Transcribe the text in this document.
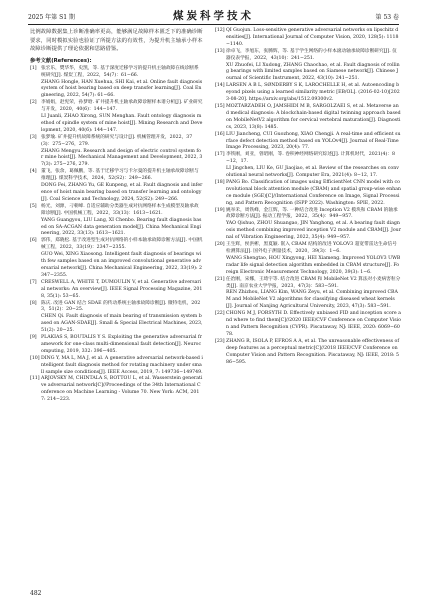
2025 年第 S1 期	煤炭科学技术	第 53 卷

比例故障数据集上诊断准确率更高，能够满足故障样本匮乏下的准确诊断要求，同时模拟实验也验证了所提方法的有效性，为提升机主轴承小样本故障诊断提供了理论依据和思路借鉴。

参考文献(References):
[1] 张宏乐，樊华华，史凯，等. 基于深度迁移学习的提升机主轴故障在线诊断系统研究[J]. 煤炭工程，2022，54(7)：61−66.
ZHANG Hongle, HAN Xuehua, SHI Kai, et al. Online fault diagnosis system of hoist bearing based on deep transfer learning[J]. Coal Engineering, 2022, 54(7): 61−66.
[2] 李娟娟，赵宪荣，孙梦晗. 矿井提升机主轴承故障诊断样本谱分析[J]. 矿业研究与开发，2020，40(6)：144−147.
LI Juanli, ZHAO Xirong, SUN Menghan. Fault ontology diagnosis method of spindle system of mine hoist[J]. Mining Research and Development, 2020, 40(6): 144−147.
[3] 张梦瑜. 矿井提升机故障系统的研究与设计[J]. 机械管理开发，2022，37(3)：275−276，279.
ZHANG Mengyu. Research and design of electric control system for mine hoist[J]. Mechanical Management and Development, 2022, 37(3): 275−276, 279.
[4] 董飞，张余，葛佩鹏，等. 基于迁移学习与卡尔曼的提升机主轴承故障诊断与推理[J]. 煤炭科学技术，2024，52(S2)：249−266.
DONG Fei, ZHANG Yu, GE Kunpeng, et al. Fault diagnosis and inference of hoist main bearing based on transfer learning and ontology[J]. Coal Science and Technology, 2024, 52(S2): 249−266.
[5] 杨光，刘源，刁朝峰. 自适应辅助分类器生成对抗网络样本生成模型及轴承故障诊断[J]. 中国机械工程，2022，33(13)：1613−1621.
YANG Guangyou, LIU Lang, XI Chenbo. Bearing fault diagnosis based on SA-ACGAN data generation model[J]. China Mechanical Engineering, 2022, 33(13): 1613−1621.
[6] 郭伟，郑晓松. 基于改进型生成对抗网络的小样本轴承故障诊断方法[J]. 中国机械工程，2022，33(19)：2347−2355.
GUO Wei, XING Xiaosong. Intelligent fault diagnosis of bearings with few samples based on an improved convolutional generative adversarial network[J]. China Mechanical Engineering, 2022, 33(19): 2347−2355.
[7] CRESWELL A, WHITE T, DUMOULIN V, et al. Generative adversarial networks: An overview[J]. IEEE Signal Processing Magazine, 2018, 35(1): 53−65.
[8] 陈庆. 改进 GAN 结合 SDAE 的传动系统主轴承故障诊断[J]. 微特电机，2023，51(2)：20−25.
CHEN Qi. Fault diagnosis of main bearing of transmission system based on AGAN-SDAE[J]. Small & Special Electrical Machines, 2023, 51(2): 20−25.
[9] PLAKIAS S, BOUTALIS Y S. Exploiting the generative adversarial framework for one-class multi-dimensional fault detection[J]. Neurocomputing, 2019, 332: 396−405.
[10] DING Y, MA L, MA J, et al. A generative adversarial network-based intelligent fault diagnosis method for rotating machinery under small sample size conditions[J]. IEEE Access, 2019, 7: 149736−149749.
[11] ARJOVSKY M, CHINTALA S, BOTTOU L, et al. Wasserstein generative adversarial network[C]//Proceedings of the 34th International Conference on Machine Learning - Volume 70. New York: ACM, 2017: 214−223.
[12] QI Guojun. Loss-sensitive generative adversarial networks on lipschitz densities[J]. International Journal of Computer Vision, 2020, 128(5): 1118−1140.
[13] 徐卓飞，李旭东，张腾辉，等. 基于学生网络的小样本滚动轴承故障诊断研究[J]. 仪器仪表学报，2022，43(10)：241−251.
XU Zhuofei, LI Xudong, ZHANG Chaochao, et al. Fault diagnosis of rolling bearings with limited samples based on Siamese network[J]. Chinese Journal of Scientific Instrument, 2022, 43(10): 241−251.
[14] LARSEN A B L, SØNDERBY S K, LAROCHELLE H, et al. Autoencoding beyond pixels using a learned similarity metric [EB/OL]. (2016-02-10)[2023-08-20]. https://arxiv.org/abs/1512.09300v2.
[15] MOZTARZADEH O, JAMSHIDI M B, SARGOLZAEI S, et al. Metaverse and medical diagnosis: A blockchain-based digital twinning approach based on MobileNetV2 algorithm for cervical vertebral maturation[J]. Diagnostics, 2023, 13(8): 1485.
[16] LIU Jiancheng, CUI Guozhong, XIAO Chengji. A real-time and efficient surface defect detection method based on YOLOv4[J]. Journal of Real-Time Image Processing, 2023, 20(4): 77.
[17] 李铁刚，刘亚，曾昭刚，等. 卷积神经网络研究综述[J]. 计算机时代，2021(4)：8−12，17.
LI Jingchen, LIU Ke, GU Jiaojiao, et al. Review of the researches on convolutional neural networks[J]. Computer Era, 2021(4): 8−12, 17.
[18] PANG Bo. Classification of images using EfficientNet CNN model with convolutional block attention module (CBAM) and spatial group-wise enhance module (SGE)[C]//International Conference on Image, Signal Processing, and Pattern Recognition (ISPP 2022). Washington: SPIE, 2022.
[19] 姚举禾，周铁峰，金江辉，等. 一种结合改进 Inception V2 模块和 CBAM 的轴承故障诊断方法[J]. 振动工程学报，2022，35(4)：949−957.
YAO Qishuo, ZHOU Shuangao, JIN Yanghong, et al. A bearing fault diagnosis method combining improved inception V2 module and CBAM[J]. Journal of Vibration Engineering, 2022, 35(4): 949−957.
[20] 王生辉，侯洪彬，黑夏颖. 嵌入 CBAM 结构的改进 YOLOV3 超宽带雷达生命信号检测算法[J]. 国外电子测量技术，2020，39(3)：1−6.
WANG Shengtao, HOU Xingyong, HEI Xiameng. Improved YOLOV3 UWB radar life signal detection algorithm embedded in CBAM structure[J]. Foreign Electronic Measurement Technology, 2020, 39(3): 1−6.
[21] 任治刚，宋娜，王琦宇等. 结合改进 CBAM 和 MobileNet V2 算法对小麦病害粒分类[J]. 南京农业大学学报，2023，47(3)：583−591.
REN Zhizhou, LIANG Kim, WANG Zeyu, et al. Combining improved CBAM and MobileNet V2 algorithms for classifying diseased wheat kernels[J]. Journal of Nanjing Agricultural University, 2023, 47(3): 583−591.
[22] CHONG M J, FORSYTH D. Effectively unbiased FID and inception score and where to find them[C]//2020 IEEE/CVF Conference on Computer Vision and Pattern Recognition (CVPR). Piscataway, NJ: IEEE, 2020: 6069−6078.
[23] ZHANG R, ISOLA P, EFROS A A, et al. The unreasonable effectiveness of deep features as a perceptual metric[C]//2018 IEEE/CVF Conference on Computer Vision and Pattern Recognition. Piscataway, NJ: IEEE, 2018: 586−595.
482
